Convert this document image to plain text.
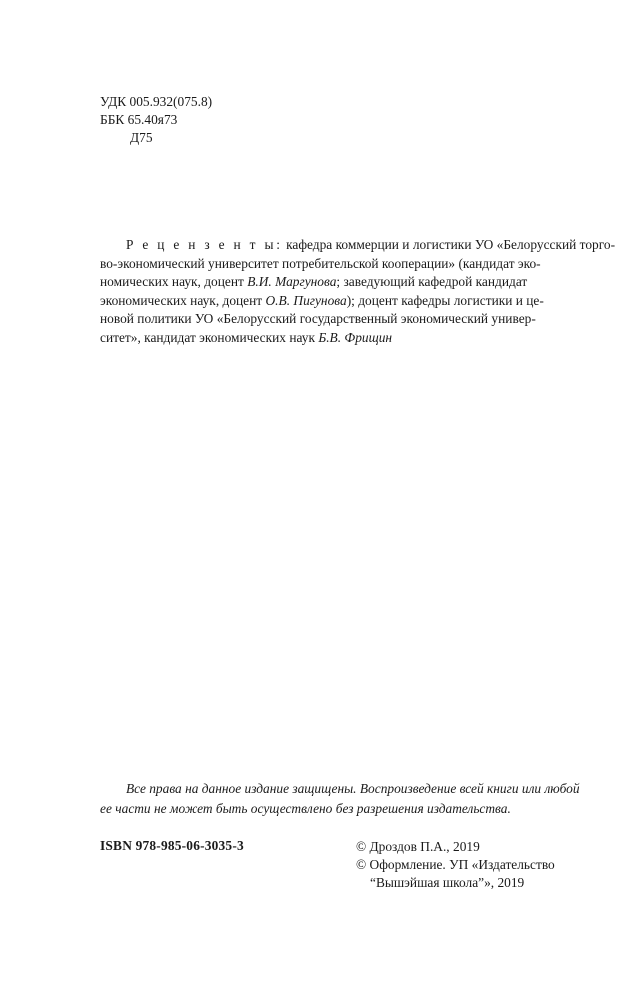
УДК 005.932(075.8)
ББК 65.40я73
Д75
Р е ц е н з е н т ы: кафедра коммерции и логистики УО «Белорусский торго-
во-экономический университет потребительской кооперации» (кандидат эко-
номических наук, доцент В.И. Маргунова; заведующий кафедрой кандидат
экономических наук, доцент О.В. Пигунова); доцент кафедры логистики и це-
новой политики УО «Белорусский государственный экономический универ-
ситет», кандидат экономических наук Б.В. Фрищин
Все права на данное издание защищены. Воспроизведение всей книги или любой
ее части не может быть осуществлено без разрешения издательства.
ISBN 978-985-06-3035-3	© Дроздов П.А., 2019
© Оформление. УП «Издательство
“Вышэйшая школа”», 2019
